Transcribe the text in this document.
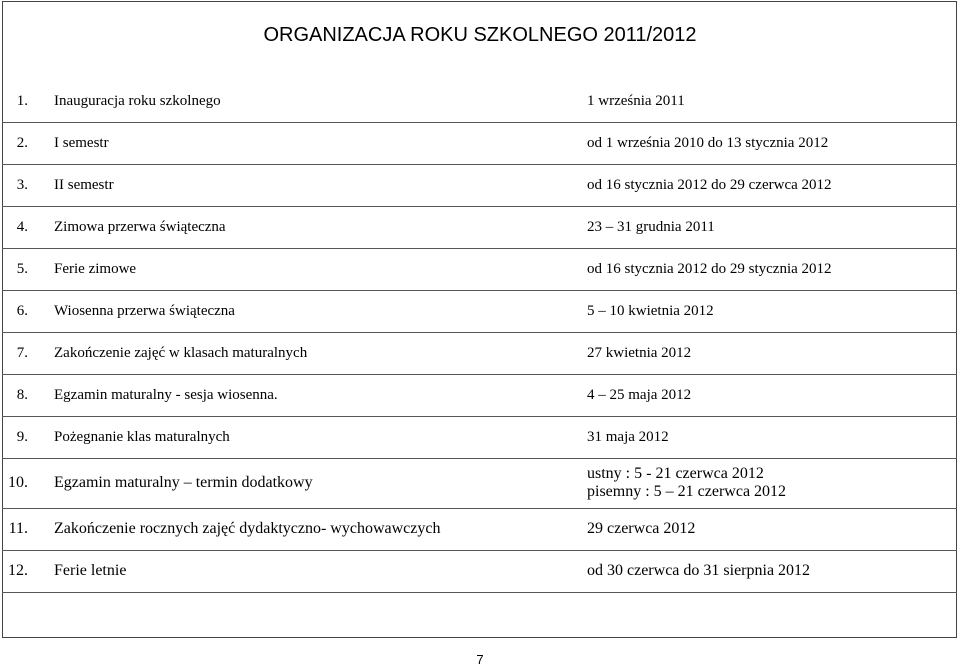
ORGANIZACJA ROKU SZKOLNEGO 2011/2012
1.	Inauguracja roku szkolnego	1 września 2011
2.	I semestr	od 1 września 2010 do 13 stycznia 2012
3.	II semestr	od 16 stycznia 2012 do 29 czerwca 2012
4.	Zimowa przerwa świąteczna	23 – 31 grudnia 2011
5.	Ferie zimowe	od 16 stycznia 2012 do 29 stycznia 2012
6.	Wiosenna przerwa świąteczna	5 – 10 kwietnia 2012
7.	Zakończenie zajęć w klasach maturalnych	27 kwietnia 2012
8.	Egzamin maturalny - sesja wiosenna.	4 – 25 maja 2012
9.	Pożegnanie klas maturalnych	31 maja 2012
10.	Egzamin maturalny – termin dodatkowy	ustny : 5 - 21 czerwca 2012
pisemny : 5 – 21 czerwca 2012

11.	Zakończenie rocznych zajęć dydaktyczno- wychowawczych	29 czerwca 2012
12.	Ferie letnie	od 30 czerwca do 31 sierpnia 2012
7
